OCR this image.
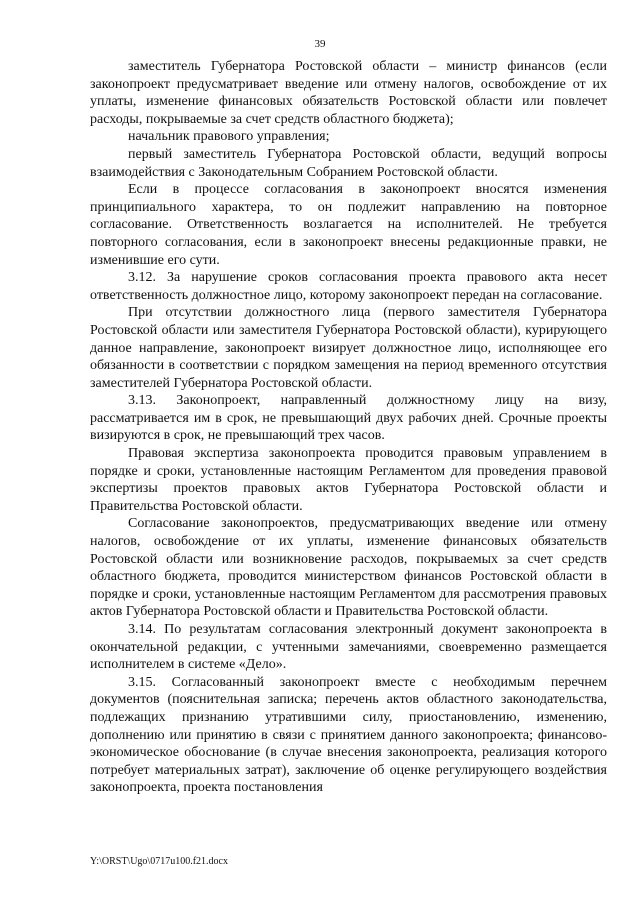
39

заместитель Губернатора Ростовской области – министр финансов (если законопроект предусматривает введение или отмену налогов, освобождение от их уплаты, изменение финансовых обязательств Ростовской области или повлечет расходы, покрываемые за счет средств областного бюджета);

начальник правового управления;

первый заместитель Губернатора Ростовской области, ведущий вопросы взаимодействия с Законодательным Собранием Ростовской области.

Если в процессе согласования в законопроект вносятся изменения принципиального характера, то он подлежит направлению на повторное согласование. Ответственность возлагается на исполнителей. Не требуется повторного согласования, если в законопроект внесены редакционные правки, не изменившие его сути.

3.12. За нарушение сроков согласования проекта правового акта несет ответственность должностное лицо, которому законопроект передан на согласование.

При отсутствии должностного лица (первого заместителя Губернатора Ростовской области или заместителя Губернатора Ростовской области), курирующего данное направление, законопроект визирует должностное лицо, исполняющее его обязанности в соответствии с порядком замещения на период временного отсутствия заместителей Губернатора Ростовской области.

3.13. Законопроект, направленный должностному лицу на визу, рассматривается им в срок, не превышающий двух рабочих дней. Срочные проекты визируются в срок, не превышающий трех часов.

Правовая экспертиза законопроекта проводится правовым управлением в порядке и сроки, установленные настоящим Регламентом для проведения правовой экспертизы проектов правовых актов Губернатора Ростовской области и Правительства Ростовской области.

Согласование законопроектов, предусматривающих введение или отмену налогов, освобождение от их уплаты, изменение финансовых обязательств Ростовской области или возникновение расходов, покрываемых за счет средств областного бюджета, проводится министерством финансов Ростовской области в порядке и сроки, установленные настоящим Регламентом для рассмотрения правовых актов Губернатора Ростовской области и Правительства Ростовской области.

3.14. По результатам согласования электронный документ законопроекта в окончательной редакции, с учтенными замечаниями, своевременно размещается исполнителем в системе «Дело».

3.15. Согласованный законопроект вместе с необходимым перечнем документов (пояснительная записка; перечень актов областного законодательства, подлежащих признанию утратившими силу, приостановлению, изменению, дополнению или принятию в связи с принятием данного законопроекта; финансово-экономическое обоснование (в случае внесения законопроекта, реализация которого потребует материальных затрат), заключение об оценке регулирующего воздействия законопроекта, проекта постановления

Y:\ORST\Ugo\0717u100.f21.docx
